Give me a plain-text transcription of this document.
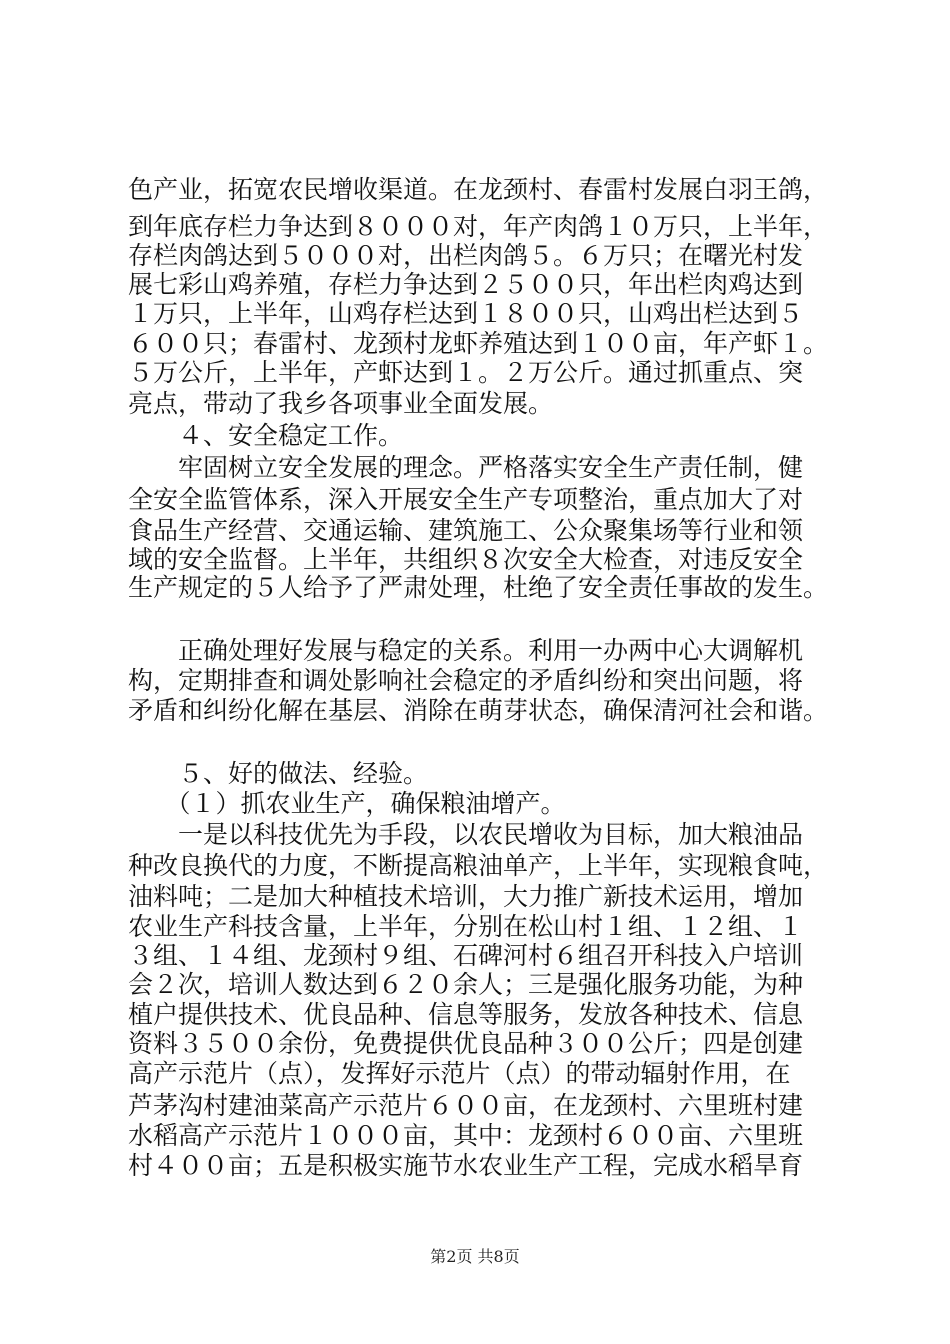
色产业，拓宽农民增收渠道。在龙颈村、春雷村发展白羽王鸽，
到年底存栏力争达到８０００对，年产肉鸽１０万只，上半年，
存栏肉鸽达到５０００对，出栏肉鸽５。６万只；在曙光村发
展七彩山鸡养殖，存栏力争达到２５００只，年出栏肉鸡达到
１万只，上半年，山鸡存栏达到１８００只，山鸡出栏达到５
６００只；春雷村、龙颈村龙虾养殖达到１００亩，年产虾１。
５万公斤，上半年，产虾达到１。２万公斤。通过抓重点、突
亮点，带动了我乡各项事业全面发展。
　　４、安全稳定工作。
　　牢固树立安全发展的理念。严格落实安全生产责任制，健
全安全监管体系，深入开展安全生产专项整治，重点加大了对
食品生产经营、交通运输、建筑施工、公众聚集场等行业和领
域的安全监督。上半年，共组织８次安全大检查，对违反安全
生产规定的５人给予了严肃处理，杜绝了安全责任事故的发生。
　　正确处理好发展与稳定的关系。利用一办两中心大调解机
构，定期排查和调处影响社会稳定的矛盾纠纷和突出问题，将
矛盾和纠纷化解在基层、消除在萌芽状态，确保清河社会和谐。
　　５、好的做法、经验。
　　（１）抓农业生产，确保粮油增产。
　　一是以科技优先为手段，以农民增收为目标，加大粮油品
种改良换代的力度，不断提高粮油单产，上半年，实现粮食吨，
油料吨；二是加大种植技术培训，大力推广新技术运用，增加
农业生产科技含量，上半年，分别在松山村１组、１２组、１
３组、１４组、龙颈村９组、石碑河村６组召开科技入户培训
会２次，培训人数达到６２０余人；三是强化服务功能，为种
植户提供技术、优良品种、信息等服务，发放各种技术、信息
资料３５００余份，免费提供优良品种３００公斤；四是创建
高产示范片（点），发挥好示范片（点）的带动辐射作用，在
芦茅沟村建油菜高产示范片６００亩，在龙颈村、六里班村建
水稻高产示范片１０００亩，其中：龙颈村６００亩、六里班
村４００亩；五是积极实施节水农业生产工程，完成水稻旱育
第2页 共8页
